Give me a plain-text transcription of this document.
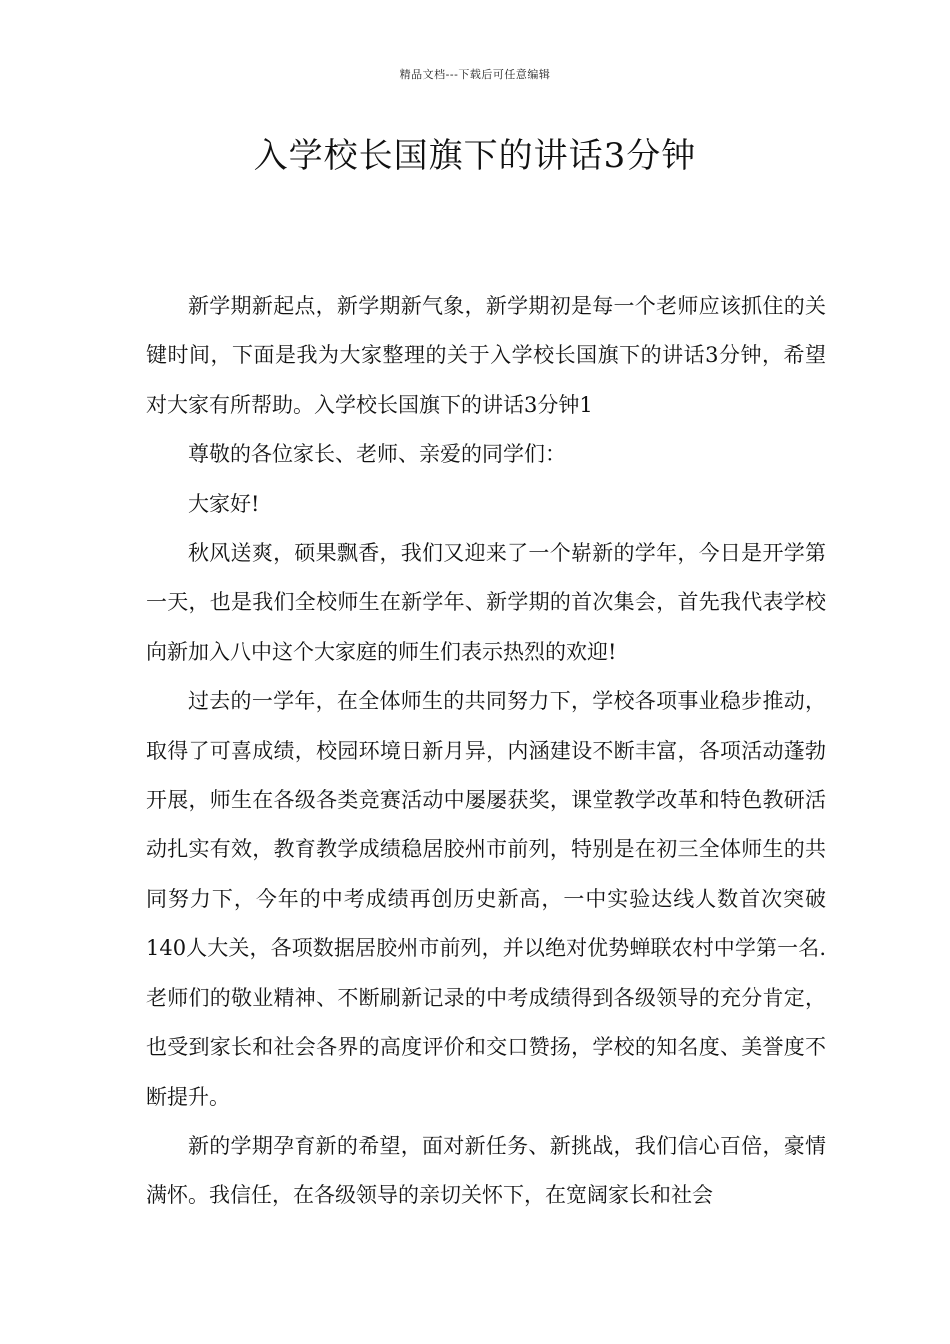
精品文档---下载后可任意编辑
入学校长国旗下的讲话3分钟

新学期新起点，新学期新气象，新学期初是每一个老师应该抓住的关键时间，下面是我为大家整理的关于入学校长国旗下的讲话3分钟，希望对大家有所帮助。入学校长国旗下的讲话3分钟1

尊敬的各位家长、老师、亲爱的同学们：

大家好!

秋风送爽，硕果飘香，我们又迎来了一个崭新的学年，今日是开学第一天，也是我们全校师生在新学年、新学期的首次集会，首先我代表学校向新加入八中这个大家庭的师生们表示热烈的欢迎!

过去的一学年，在全体师生的共同努力下，学校各项事业稳步推动，取得了可喜成绩，校园环境日新月异，内涵建设不断丰富，各项活动蓬勃开展，师生在各级各类竞赛活动中屡屡获奖，课堂教学改革和特色教研活动扎实有效，教育教学成绩稳居胶州市前列，特别是在初三全体师生的共同努力下，今年的中考成绩再创历史新高，一中实验达线人数首次突破140人大关，各项数据居胶州市前列，并以绝对优势蝉联农村中学第一名.老师们的敬业精神、不断刷新记录的中考成绩得到各级领导的充分肯定，也受到家长和社会各界的高度评价和交口赞扬，学校的知名度、美誉度不断提升。

新的学期孕育新的希望，面对新任务、新挑战，我们信心百倍，豪情满怀。我信任，在各级领导的亲切关怀下，在宽阔家长和社会
